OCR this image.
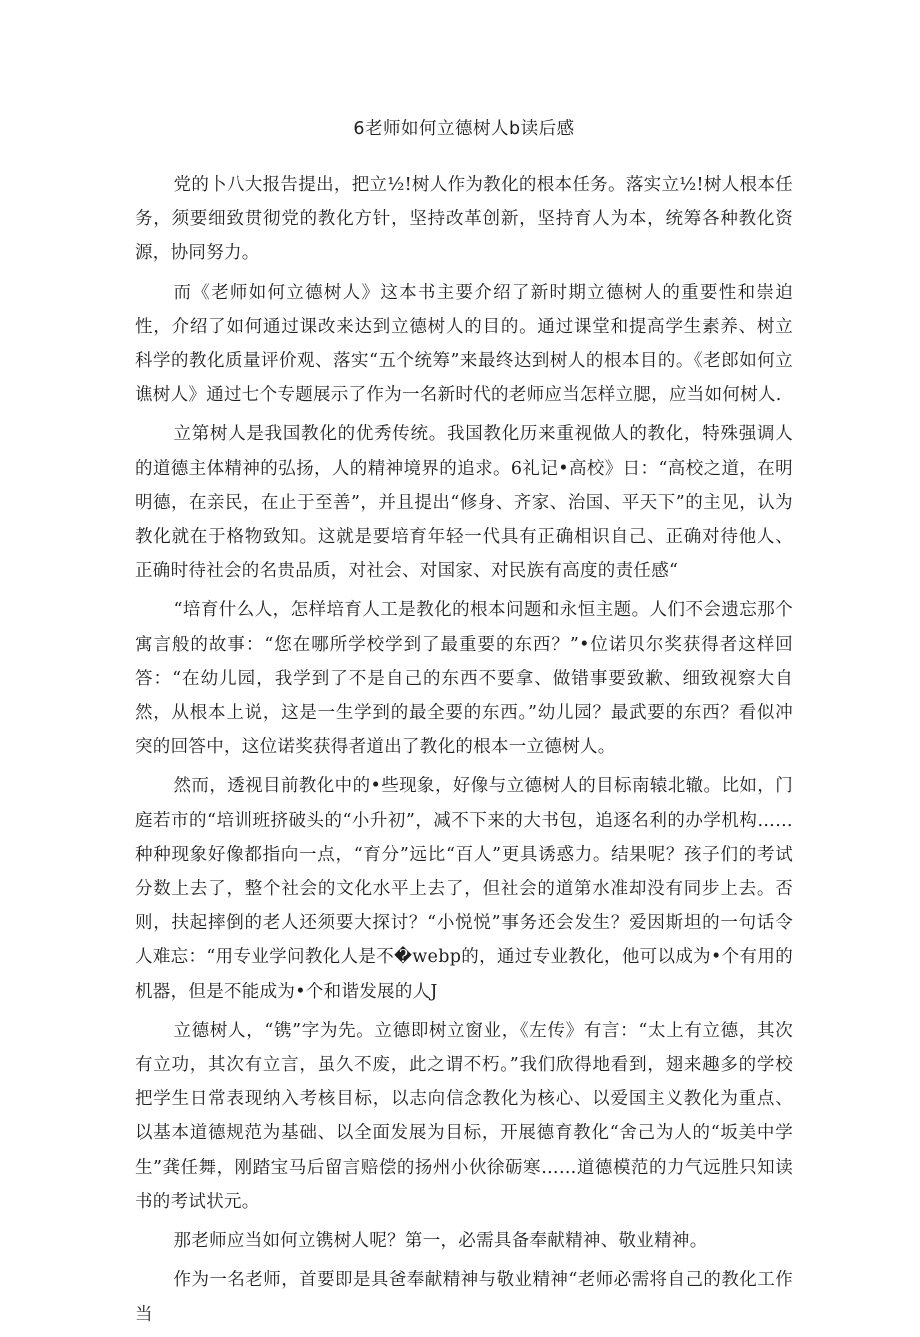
6老师如何立德树人b读后感

党的卜八大报告提出，把立½!树人作为教化的根本任务。落实立½!树人根本任务，须要细致贯彻党的教化方针，坚持改革创新，坚持育人为本，统筹各种教化资源，协同努力。

而《老师如何立德树人》这本书主要介绍了新时期立德树人的重要性和崇迫性，介绍了如何通过课改来达到立德树人的目的。通过课堂和提高学生素养、树立科学的教化质量评价观、落实“五个统筹”来最终达到树人的根本目的。《老郎如何立谯树人》通过七个专题展示了作为一名新时代的老师应当怎样立腮，应当如何树人.

立第树人是我国教化的优秀传统。我国教化历来重视做人的教化，特殊强调人的道德主体精神的弘扬，人的精神境界的追求。6礼记•高校》日：“高校之道，在明明德，在亲民，在止于至善”，并且提出“修身、齐家、治国、平天下”的主见，认为教化就在于格物致知。这就是要培育年轻一代具有正确相识自己、正确对待他人、正确时待社会的名贵品质，对社会、对国家、对民族有高度的责任感“

“培育什么人，怎样培育人工是教化的根本问题和永恒主题。人们不会遗忘那个寓言般的故事：“您在哪所学校学到了最重要的东西？”•位诺贝尔奖获得者这样回答：“在幼儿园，我学到了不是自己的东西不要拿、做错事要致歉、细致视察大自然，从根本上说，这是一生学到的最全要的东西。”幼儿园？最武要的东西？看似冲突的回答中，这位诺奖获得者道出了教化的根本一立德树人。

然而，透视目前教化中的•些现象，好像与立德树人的目标南辕北辙。比如，门庭若市的“培训班挤破头的“小升初”，减不下来的大书包，追逐名利的办学机构……种种现象好像都指向一点，“育分”远比“百人”更具诱惑力。结果呢？孩子们的考试分数上去了，整个社会的文化水平上去了，但社会的道第水准却没有同步上去。否则，扶起摔倒的老人还须要大探讨？“小悦悦”事务还会发生？爱因斯坦的一句话令人难忘：“用专业学问教化人是不�webp的，通过专业教化，他可以成为•个有用的机器，但是不能成为•个和谐发展的人J

立德树人，“镌”字为先。立德即树立窗业，《左传》有言：“太上有立德，其次有立功，其次有立言，虽久不废，此之谓不朽。”我们欣得地看到，翅来趣多的学校把学生日常表现纳入考核目标，以志向信念教化为核心、以爱国主义教化为重点、以基本道德规范为基础、以全面发展为目标，开展德育教化“舍己为人的“坂美中学生”龚任舞，刚踏宝马后留言赔偿的扬州小伙徐砺寒……道德模范的力气远胜只知读书的考试状元。

那老师应当如何立镌树人呢？第一，必需具备奉献精神、敬业精神。

作为一名老师，首要即是具爸奉献精神与敬业精神“老师必需将自己的教化工作当
